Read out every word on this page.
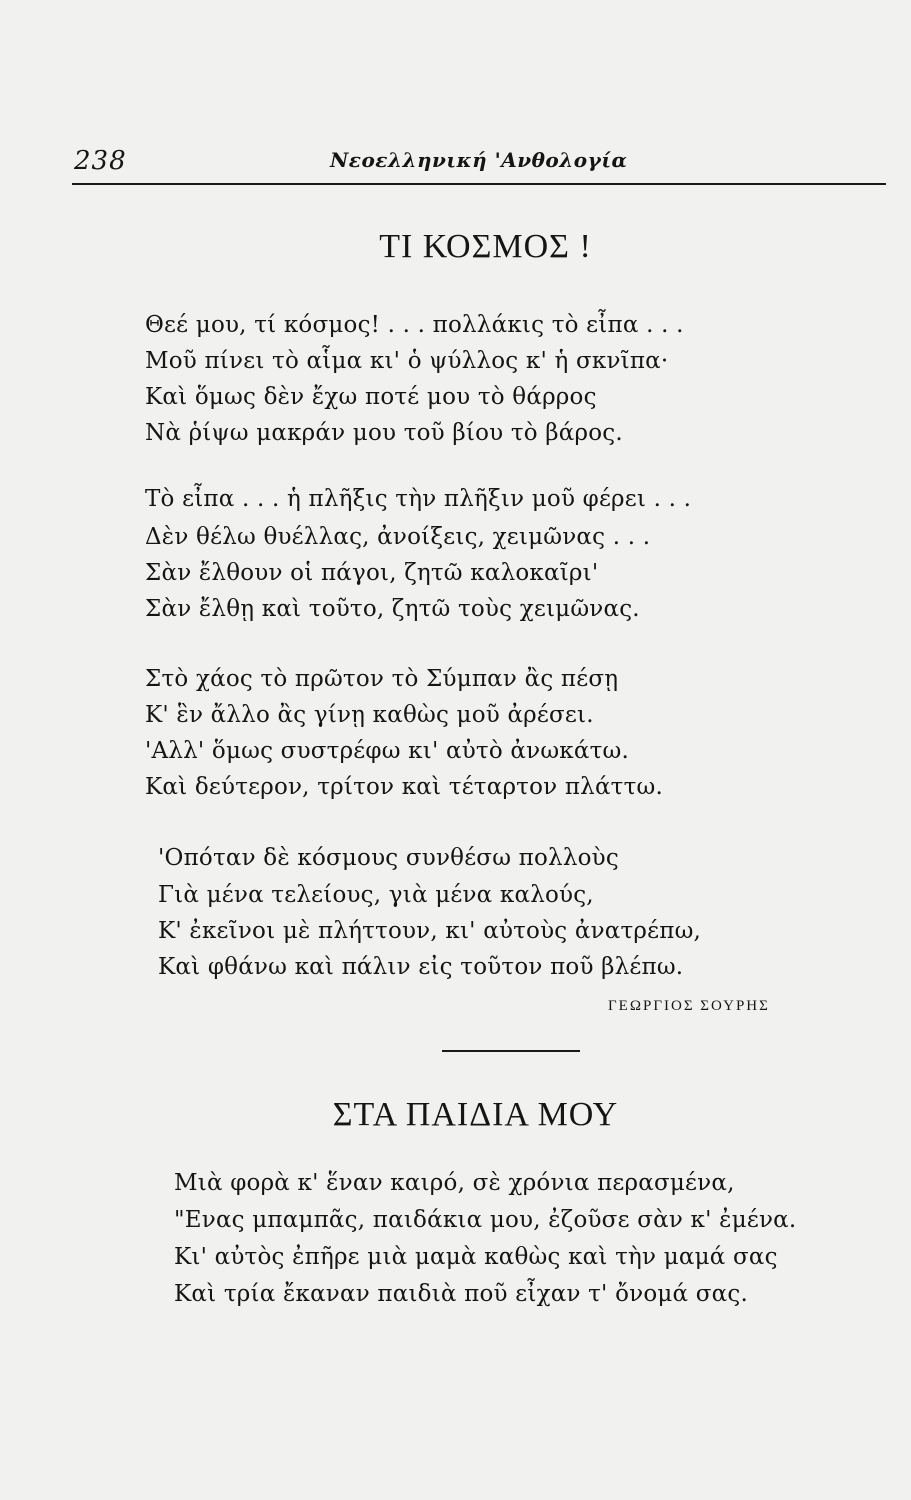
238	Νεοελληνική 'Ανθολογία
ΤΙ ΚΟΣΜΟΣ !
Θεέ μου, τί κόσμος! . . . πολλάκις τὸ εἶπα . . .
Μοῦ πίνει τὸ αἷμα κι' ὁ ψύλλος κ' ἡ σκνῖπα·
Καὶ ὅμως δὲν ἔχω ποτέ μου τὸ θάρρος
Νὰ ῥίψω μακράν μου τοῦ βίου τὸ βάρος.
Τὸ εἶπα . . . ἡ πλῆξις τὴν πλῆξιν μοῦ φέρει . . .
Δὲν θέλω θυέλλας, ἀνοίξεις, χειμῶνας . . .
Σὰν ἔλθουν οἱ πάγοι, ζητῶ καλοκαῖρι'
Σὰν ἔλθῃ καὶ τοῦτο, ζητῶ τοὺς χειμῶνας.
Στὸ χάος τὸ πρῶτον τὸ Σύμπαν ἂς πέσῃ
Κ' ἓν ἄλλο ἂς γίνῃ καθὼς μοῦ ἀρέσει.
'Αλλ' ὅμως συστρέφω κι' αὐτὸ ἀνωκάτω.
Καὶ δεύτερον, τρίτον καὶ τέταρτον πλάττω.
'Οπόταν δὲ κόσμους συνθέσω πολλοὺς
Γιὰ μένα τελείους, γιὰ μένα καλούς,
Κ' ἐκεῖνοι μὲ πλήττουν, κι' αὐτοὺς ἀνατρέπω,
Καὶ φθάνω καὶ πάλιν εἰς τοῦτον ποῦ βλέπω.
ΓΕΩΡΓΙΟΣ ΣΟΥΡΗΣ
ΣΤΑ ΠΑΙΔΙΑ ΜΟΥ
Μιὰ φορὰ κ' ἕναν καιρό, σὲ χρόνια περασμένα,
"Ενας μπαμπᾶς, παιδάκια μου, ἐζοῦσε σὰν κ' ἐμένα.
Κι' αὐτὸς ἐπῆρε μιὰ μαμὰ καθὼς καὶ τὴν μαμά σας
Καὶ τρία ἔκαναν παιδιὰ ποῦ εἶχαν τ' ὄνομά σας.
